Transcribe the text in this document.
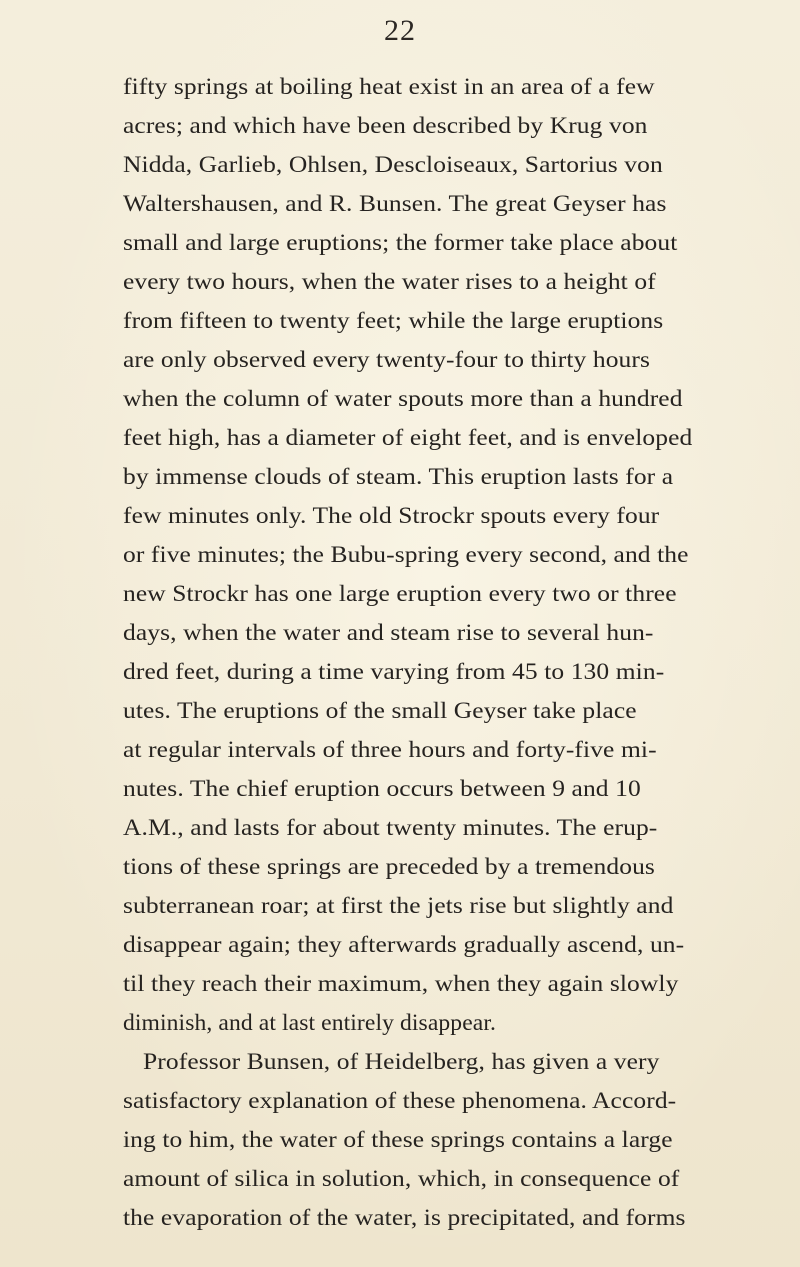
22
fifty springs at boiling heat exist in an area of a few
acres; and which have been described by Krug von
Nidda, Garlieb, Ohlsen, Descloiseaux, Sartorius von
Waltershausen, and R. Bunsen. The great Geyser has
small and large eruptions; the former take place about
every two hours, when the water rises to a height of
from fifteen to twenty feet; while the large eruptions
are only observed every twenty-four to thirty hours
when the column of water spouts more than a hundred
feet high, has a diameter of eight feet, and is enveloped
by immense clouds of steam. This eruption lasts for a
few minutes only. The old Strockr spouts every four
or five minutes; the Bubu-spring every second, and the
new Strockr has one large eruption every two or three
days, when the water and steam rise to several hun-
dred feet, during a time varying from 45 to 130 min-
utes. The eruptions of the small Geyser take place
at regular intervals of three hours and forty-five mi-
nutes. The chief eruption occurs between 9 and 10
A.M., and lasts for about twenty minutes. The erup-
tions of these springs are preceded by a tremendous
subterranean roar; at first the jets rise but slightly and
disappear again; they afterwards gradually ascend, un-
til they reach their maximum, when they again slowly
diminish, and at last entirely disappear.
Professor Bunsen, of Heidelberg, has given a very
satisfactory explanation of these phenomena. Accord-
ing to him, the water of these springs contains a large
amount of silica in solution, which, in consequence of
the evaporation of the water, is precipitated, and forms
